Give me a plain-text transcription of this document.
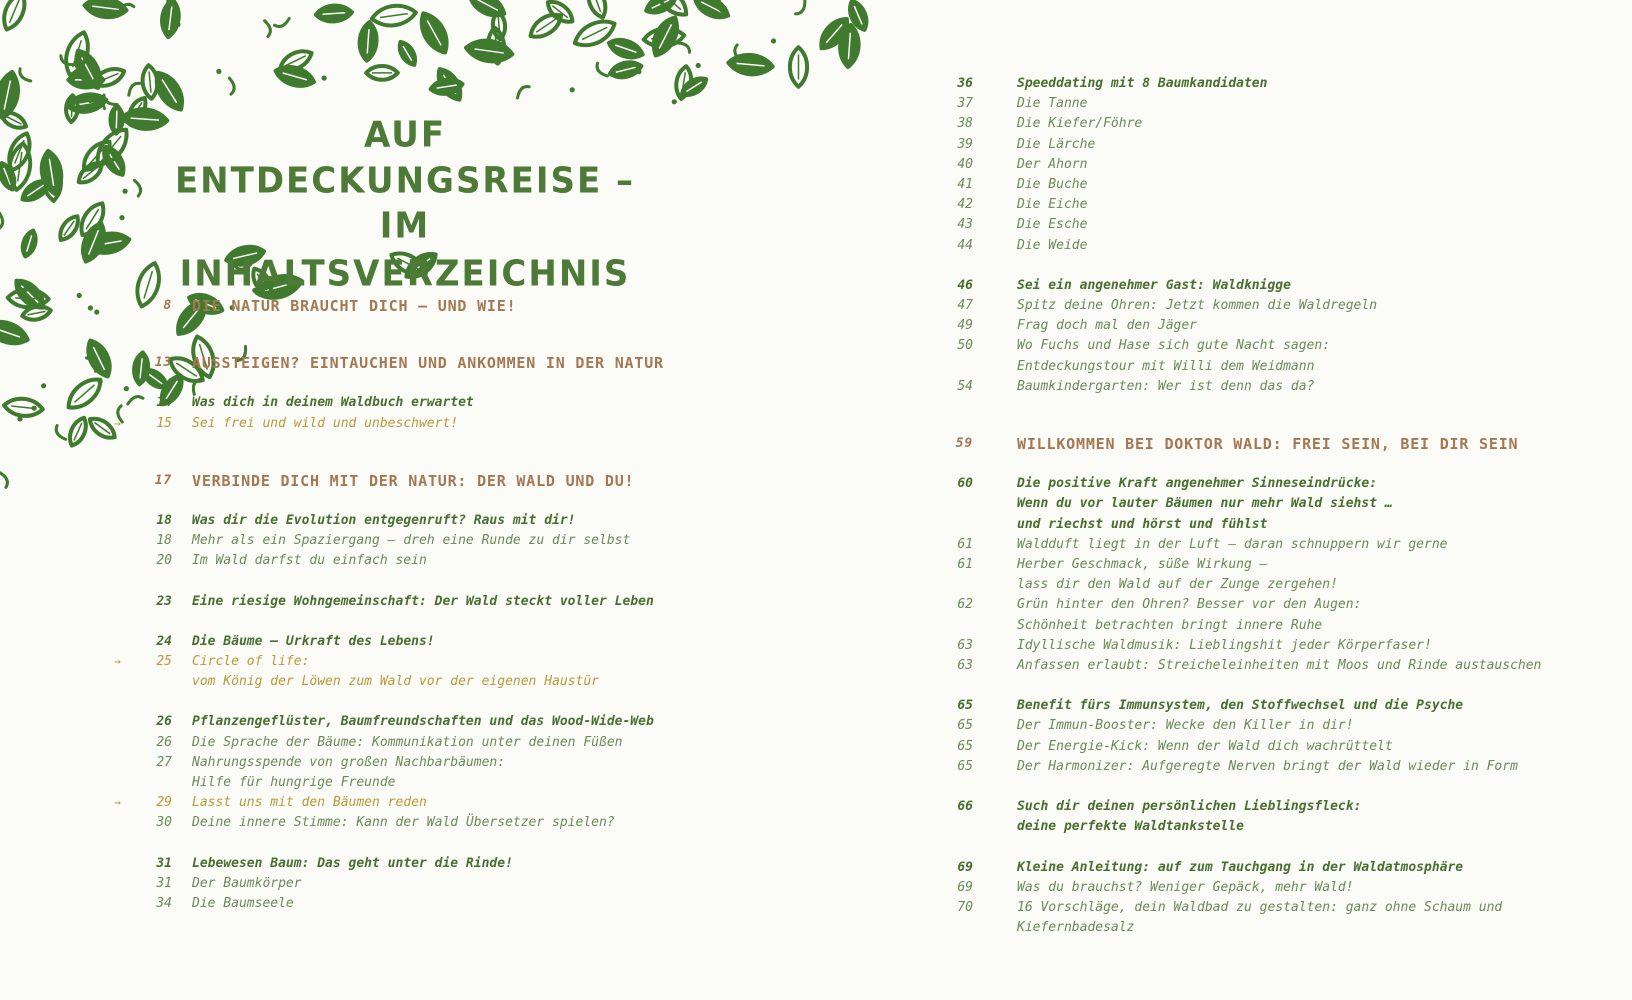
AUF
ENTDECKUNGSREISE –
IM INHALTSVERZEICHNIS
8 DIE NATUR BRAUCHT DICH – UND WIE!
13 AUSSTEIGEN? EINTAUCHEN UND ANKOMMEN IN DER NATUR
14 Was dich in deinem Waldbuch erwartet
→	15 Sei frei und wild und unbeschwert!
17 VERBINDE DICH MIT DER NATUR: DER WALD UND DU!
18 Was dir die Evolution entgegenruft? Raus mit dir!
18 Mehr als ein Spaziergang – dreh eine Runde zu dir selbst
20 Im Wald darfst du einfach sein
23 Eine riesige Wohngemeinschaft: Der Wald steckt voller Leben
24 Die Bäume – Urkraft des Lebens!
→	25 Circle of life:
vom König der Löwen zum Wald vor der eigenen Haustür
26 Pflanzengeflüster, Baumfreundschaften und das Wood-Wide-Web
26 Die Sprache der Bäume: Kommunikation unter deinen Füßen
27 Nahrungsspende von großen Nachbarbäumen:
Hilfe für hungrige Freunde
→	29 Lasst uns mit den Bäumen reden
30 Deine innere Stimme: Kann der Wald Übersetzer spielen?
31 Lebewesen Baum: Das geht unter die Rinde!
31 Der Baumkörper
34 Die Baumseele
36	Speeddating mit 8 Baumkandidaten
37	Die Tanne
38	Die Kiefer/Föhre
39	Die Lärche
40	Der Ahorn
41	Die Buche
42	Die Eiche
43	Die Esche
44	Die Weide
46	Sei ein angenehmer Gast: Waldknigge
47	Spitz deine Ohren: Jetzt kommen die Waldregeln
49	Frag doch mal den Jäger
50	Wo Fuchs und Hase sich gute Nacht sagen:
Entdeckungstour mit Willi dem Weidmann
54	Baumkindergarten: Wer ist denn das da?
59	WILLKOMMEN BEI DOKTOR WALD: FREI SEIN, BEI DIR SEIN
60	Die positive Kraft angenehmer Sinneseindrücke:
Wenn du vor lauter Bäumen nur mehr Wald siehst …
und riechst und hörst und fühlst
61	Waldduft liegt in der Luft – daran schnuppern wir gerne
61	Herber Geschmack, süße Wirkung –
lass dir den Wald auf der Zunge zergehen!
62	Grün hinter den Ohren? Besser vor den Augen:
Schönheit betrachten bringt innere Ruhe
63	Idyllische Waldmusik: Lieblingshit jeder Körperfaser!
63	Anfassen erlaubt: Streicheleinheiten mit Moos und Rinde austauschen
65	Benefit fürs Immunsystem, den Stoffwechsel und die Psyche
65	Der Immun-Booster: Wecke den Killer in dir!
65	Der Energie-Kick: Wenn der Wald dich wachrüttelt
65	Der Harmonizer: Aufgeregte Nerven bringt der Wald wieder in Form
66	Such dir deinen persönlichen Lieblingsfleck:
deine perfekte Waldtankstelle
69	Kleine Anleitung: auf zum Tauchgang in der Waldatmosphäre
69	Was du brauchst? Weniger Gepäck, mehr Wald!
70	16 Vorschläge, dein Waldbad zu gestalten: ganz ohne Schaum und
Kiefernbadesalz
